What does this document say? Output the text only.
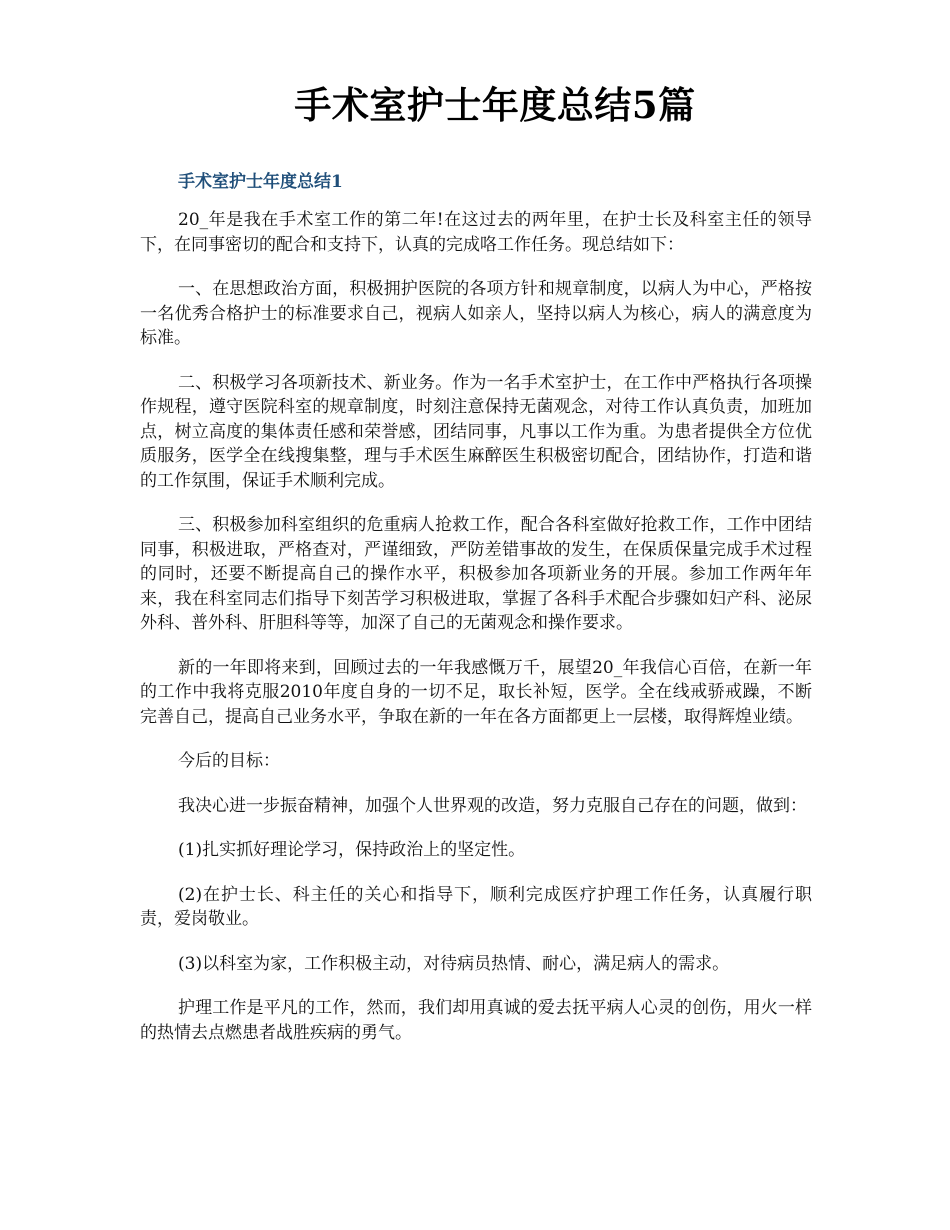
手术室护士年度总结5篇
手术室护士年度总结1

20_年是我在手术室工作的第二年!在这过去的两年里，在护士长及科室主任的领导下，在同事密切的配合和支持下，认真的完成咯工作任务。现总结如下：

一、在思想政治方面，积极拥护医院的各项方针和规章制度，以病人为中心，严格按一名优秀合格护士的标准要求自己，视病人如亲人，坚持以病人为核心，病人的满意度为标准。

二、积极学习各项新技术、新业务。作为一名手术室护士，在工作中严格执行各项操作规程，遵守医院科室的规章制度，时刻注意保持无菌观念，对待工作认真负责，加班加点，树立高度的集体责任感和荣誉感，团结同事，凡事以工作为重。为患者提供全方位优质服务，医学全在线搜集整，理与手术医生麻醉医生积极密切配合，团结协作，打造和谐的工作氛围，保证手术顺利完成。

三、积极参加科室组织的危重病人抢救工作，配合各科室做好抢救工作，工作中团结同事，积极进取，严格查对，严谨细致，严防差错事故的发生，在保质保量完成手术过程的同时，还要不断提高自己的操作水平，积极参加各项新业务的开展。参加工作两年年来，我在科室同志们指导下刻苦学习积极进取，掌握了各科手术配合步骤如妇产科、泌尿外科、普外科、肝胆科等等，加深了自己的无菌观念和操作要求。

新的一年即将来到，回顾过去的一年我感慨万千，展望20_年我信心百倍，在新一年的工作中我将克服2010年度自身的一切不足，取长补短，医学。全在线戒骄戒躁，不断完善自己，提高自己业务水平，争取在新的一年在各方面都更上一层楼，取得辉煌业绩。

今后的目标：

我决心进一步振奋精神，加强个人世界观的改造，努力克服自己存在的问题，做到：

(1)扎实抓好理论学习，保持政治上的坚定性。

(2)在护士长、科主任的关心和指导下，顺利完成医疗护理工作任务，认真履行职责，爱岗敬业。

(3)以科室为家，工作积极主动，对待病员热情、耐心，满足病人的需求。

护理工作是平凡的工作，然而，我们却用真诚的爱去抚平病人心灵的创伤，用火一样的热情去点燃患者战胜疾病的勇气。
